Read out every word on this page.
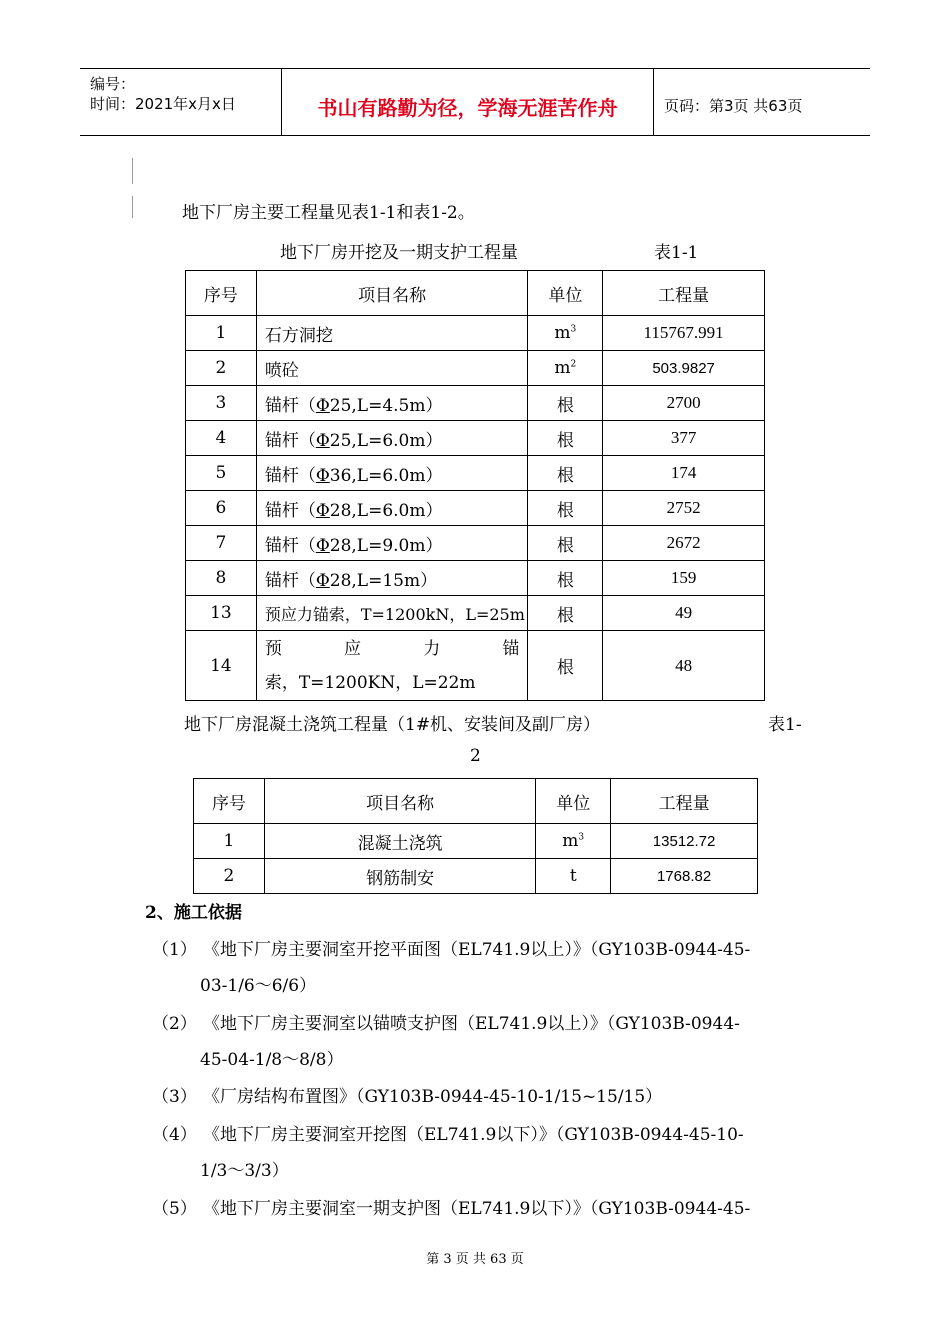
编号：
时间：2021年x月x日	书山有路勤为径，学海无涯苦作舟	页码：第3页 共63页
地下厂房主要工程量见表1-1和表1-2。
地下厂房开挖及一期支护工程量	表1-1
序号	项目名称	单位	工程量
1	石方洞挖	$m^3$	115767.991
2	喷砼	$m^2$	503.9827
3	锚杆（Φ25,L=4.5m）	根	2700
4	锚杆（Φ25,L=6.0m）	根	377
5	锚杆（Φ36,L=6.0m）	根	174
6	锚杆（Φ28,L=6.0m）	根	2752
7	锚杆（Φ28,L=9.0m）	根	2672
8	锚杆（Φ28,L=15m）	根	159
13	预应力锚索，T=1200kN，L=25m	根	49
14	预 应 力 锚
索，T=1200KN，L=22m	根	48
地下厂房混凝土浇筑工程量（1#机、安装间及副厂房）	表1-
2
序号	项目名称	单位	工程量
1	混凝土浇筑	$m^3$	13512.72
2	钢筋制安	t	1768.82
2、施工依据
（1） 《地下厂房主要洞室开挖平面图（EL741.9以上）》（GY103B-0944-45-
03-1/6～6/6）
（2） 《地下厂房主要洞室以锚喷支护图（EL741.9以上）》（GY103B-0944-
45-04-1/8～8/8）
（3） 《厂房结构布置图》（GY103B-0944-45-10-1/15~15/15）
（4） 《地下厂房主要洞室开挖图（EL741.9以下）》（GY103B-0944-45-10-
1/3～3/3）
（5） 《地下厂房主要洞室一期支护图（EL741.9以下）》（GY103B-0944-45-
第 3 页 共 63 页
